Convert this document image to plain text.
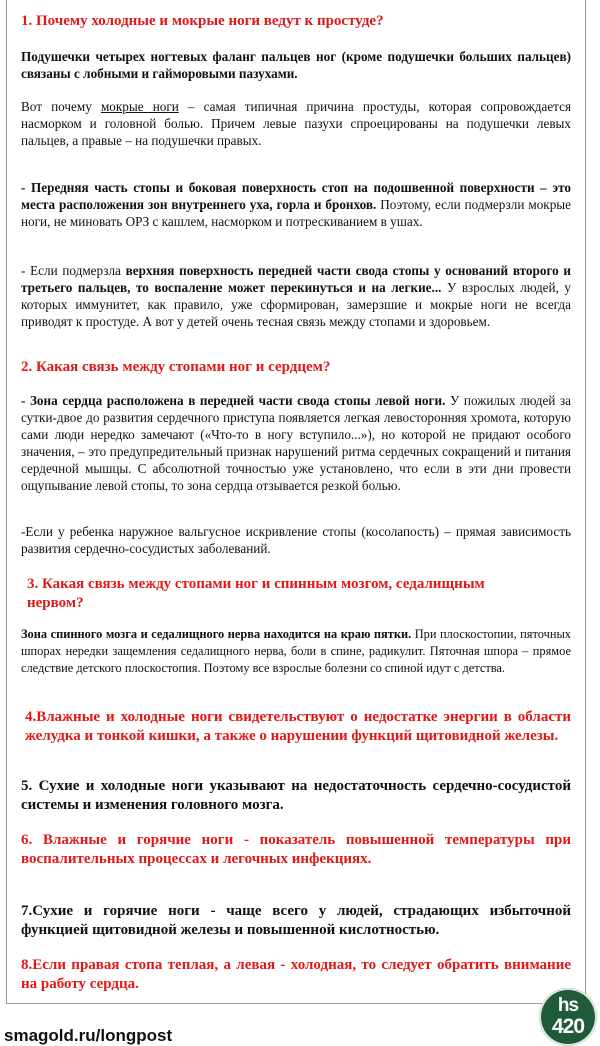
1. Почему холодные и мокрые ноги ведут к простуде?
Подушечки четырех ногтевых фаланг пальцев ног (кроме подушечки больших пальцев) связаны с лобными и гайморовыми пазухами.
Вот почему мокрые ноги – самая типичная причина простуды, которая сопровождается насморком и головной болью. Причем левые пазухи спроецированы на подушечки левых пальцев, а правые – на подушечки правых.
- Передняя часть стопы и боковая поверхность стоп на подошвенной поверхности – это места расположения зон внутреннего уха, горла и бронхов. Поэтому, если подмерзли мокрые ноги, не миновать ОРЗ с кашлем, насморком и потрескиванием в ушах.
- Если подмерзла верхняя поверхность передней части свода стопы у оснований второго и третьего пальцев, то воспаление может перекинуться и на легкие... У взрослых людей, у которых иммунитет, как правило, уже сформирован, замерзшие и мокрые ноги не всегда приводят к простуде. А вот у детей очень тесная связь между стопами и здоровьем.
2. Какая связь между стопами ног и сердцем?
- Зона сердца расположена в передней части свода стопы левой ноги. У пожилых людей за сутки-двое до развития сердечного приступа появляется легкая левосторонняя хромота, которую сами люди нередко замечают («Что-то в ногу вступило...»), но которой не придают особого значения, – это предупредительный признак нарушений ритма сердечных сокращений и питания сердечной мышцы. С абсолютной точностью уже установлено, что если в эти дни провести ощупывание левой стопы, то зона сердца отзывается резкой болью.
-Если у ребенка наружное вальгусное искривление стопы (косолапость) – прямая зависимость развития сердечно-сосудистых заболеваний.
3. Какая связь между стопами ног и спинным мозгом, седалищным нервом?
Зона спинного мозга и седалищного нерва находится на краю пятки. При плоскостопии, пяточных шпорах нередки защемления седалищного нерва, боли в спине, радикулит. Пяточная шпора – прямое следствие детского плоскостопия. Поэтому все взрослые болезни со спиной идут с детства.
4.Влажные и холодные ноги свидетельствуют о недостатке энергии в области желудка и тонкой кишки, а также о нарушении функций щитовидной железы.
5. Сухие и холодные ноги указывают на недостаточность сердечно-сосудистой системы и изменения головного мозга.
6. Влажные и горячие ноги - показатель повышенной температуры при воспалительных процессах и легочных инфекциях.
7.Сухие и горячие ноги - чаще всего у людей, страдающих избыточной функцией щитовидной железы и повышенной кислотностью.
8.Если правая стопа теплая, а левая - холодная, то следует обратить внимание на работу сердца.
smagold.ru/longpost
hs
420
